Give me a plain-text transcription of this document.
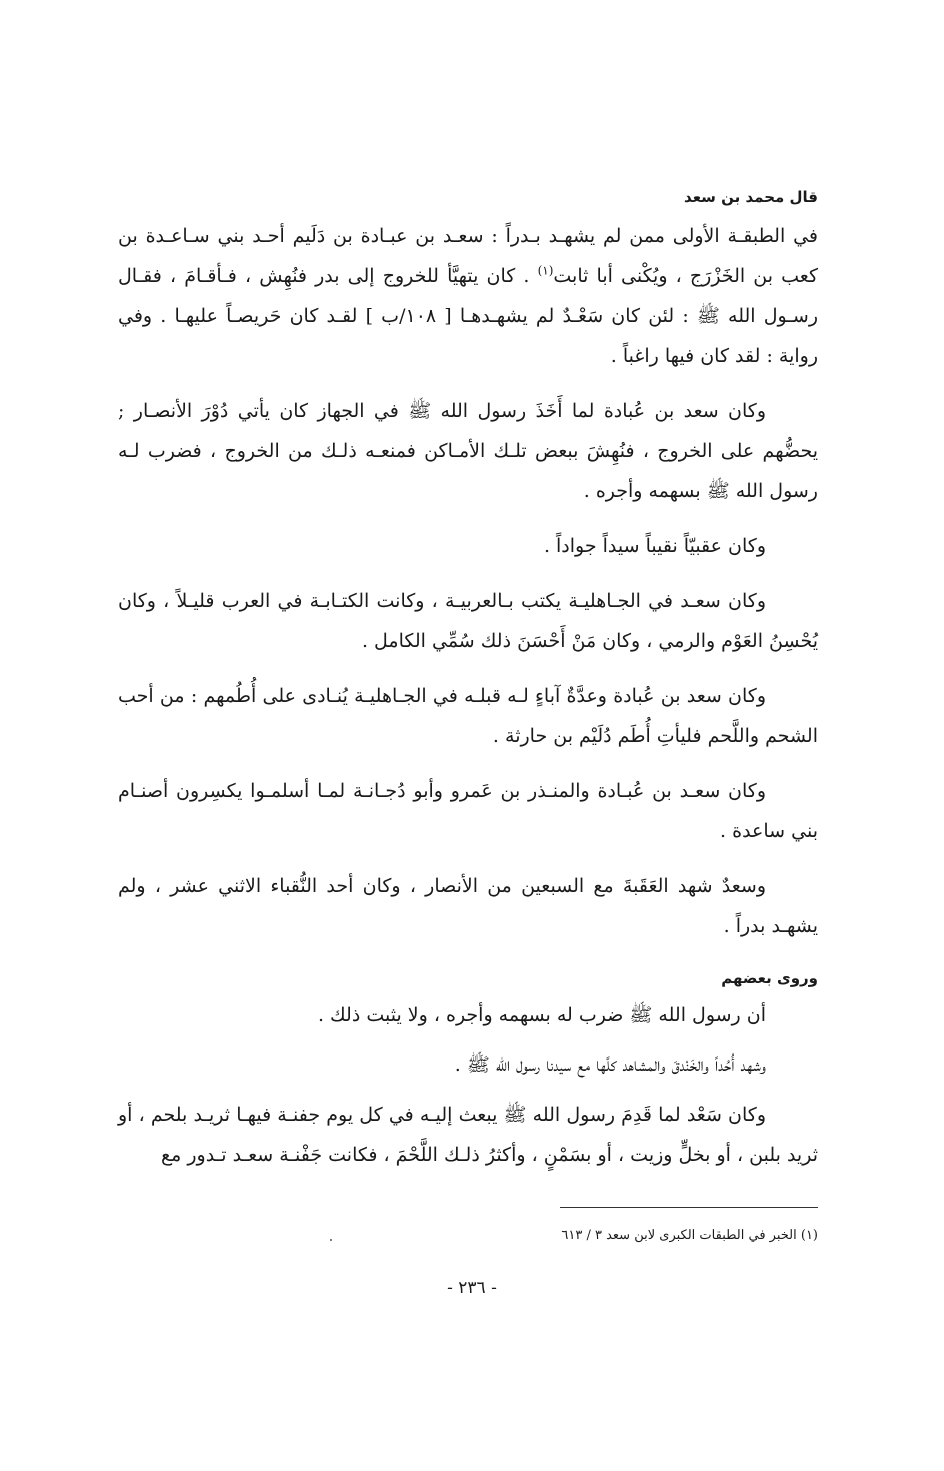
قال محمد بن سعد

في الطبقـة الأولى ممن لم يشهـد بـدراً : سعـد بن عبـادة بن دَلَيم أحـد بني سـاعـدة بن كعب بن الخَزْرَج ، ويُكْنى أبا ثابت$^{(١)}$ . كان يتهيَّأ للخروج إلى بدر فنُهِش ، فـأقـامَ ، فقـال رسـول الله ﷺ : لئن كان سَعْـدٌ لم يشهـدهـا [ ١٠٨/ب ] لقـد كان حَريصـاً عليهـا . وفي رواية : لقد كان فيها راغباً .

وكان سعد بن عُبادة لما أَخَذَ رسول الله ﷺ في الجهاز كان يأتي دُوْرَ الأنصـار ; يحضُّهم على الخروج ، فنُهِشَ ببعض تلـك الأمـاكن فمنعـه ذلـك من الخروج ، فضرب لـه رسول الله ﷺ بسهمه وأجره .

وكان عقبيّاً نقيباً سيداً جواداً .

وكان سعـد في الجـاهليـة يكتب بـالعربيـة ، وكانت الكتـابـة في العرب قليـلاً ، وكان يُحْسِنُ العَوْم والرمي ، وكان مَنْ أَحْسَنَ ذلك سُمِّي الكامل .

وكان سعد بن عُبادة وعدَّةٌ آباءٍ لـه قبلـه في الجـاهليـة يُنـادى على أُطُمهم : من أحب الشحم واللَّحم فليأتِ أُطَم دُلَيْم بن حارثة .

وكان سعـد بن عُبـادة والمنـذر بن عَمرو وأبو دُجـانـة لمـا أسلمـوا يكسِرون أصنـام بني ساعدة .

وسعدٌ شهد العَقَبةَ مع السبعين من الأنصار ، وكان أحد النُّقباء الاثني عشر ، ولم يشهـد بدراً .

وروى بعضهم

أن رسول الله ﷺ ضرب له بسهمه وأجره ، ولا يثبت ذلك .

وشهد أُحُداً والخَنْدقَ والمشاهد كلَّها مع سيدنا رسول الله ﷺ .

وكان سَعْد لما قَدِمَ رسول الله ﷺ يبعث إليـه في كل يوم جفنـة فيهـا ثريـد بلحم ، أو ثريد بلبن ، أو بخلٍّ وزيت ، أو بسَمْنٍ ، وأكثرُ ذلـك اللَّحْمَ ، فكانت جَفْنـة سعـد تـدور مع

(١) الخبر في الطبقات الكبرى لابن سعد ٣ / ٦١٣
- ٢٣٦ -
